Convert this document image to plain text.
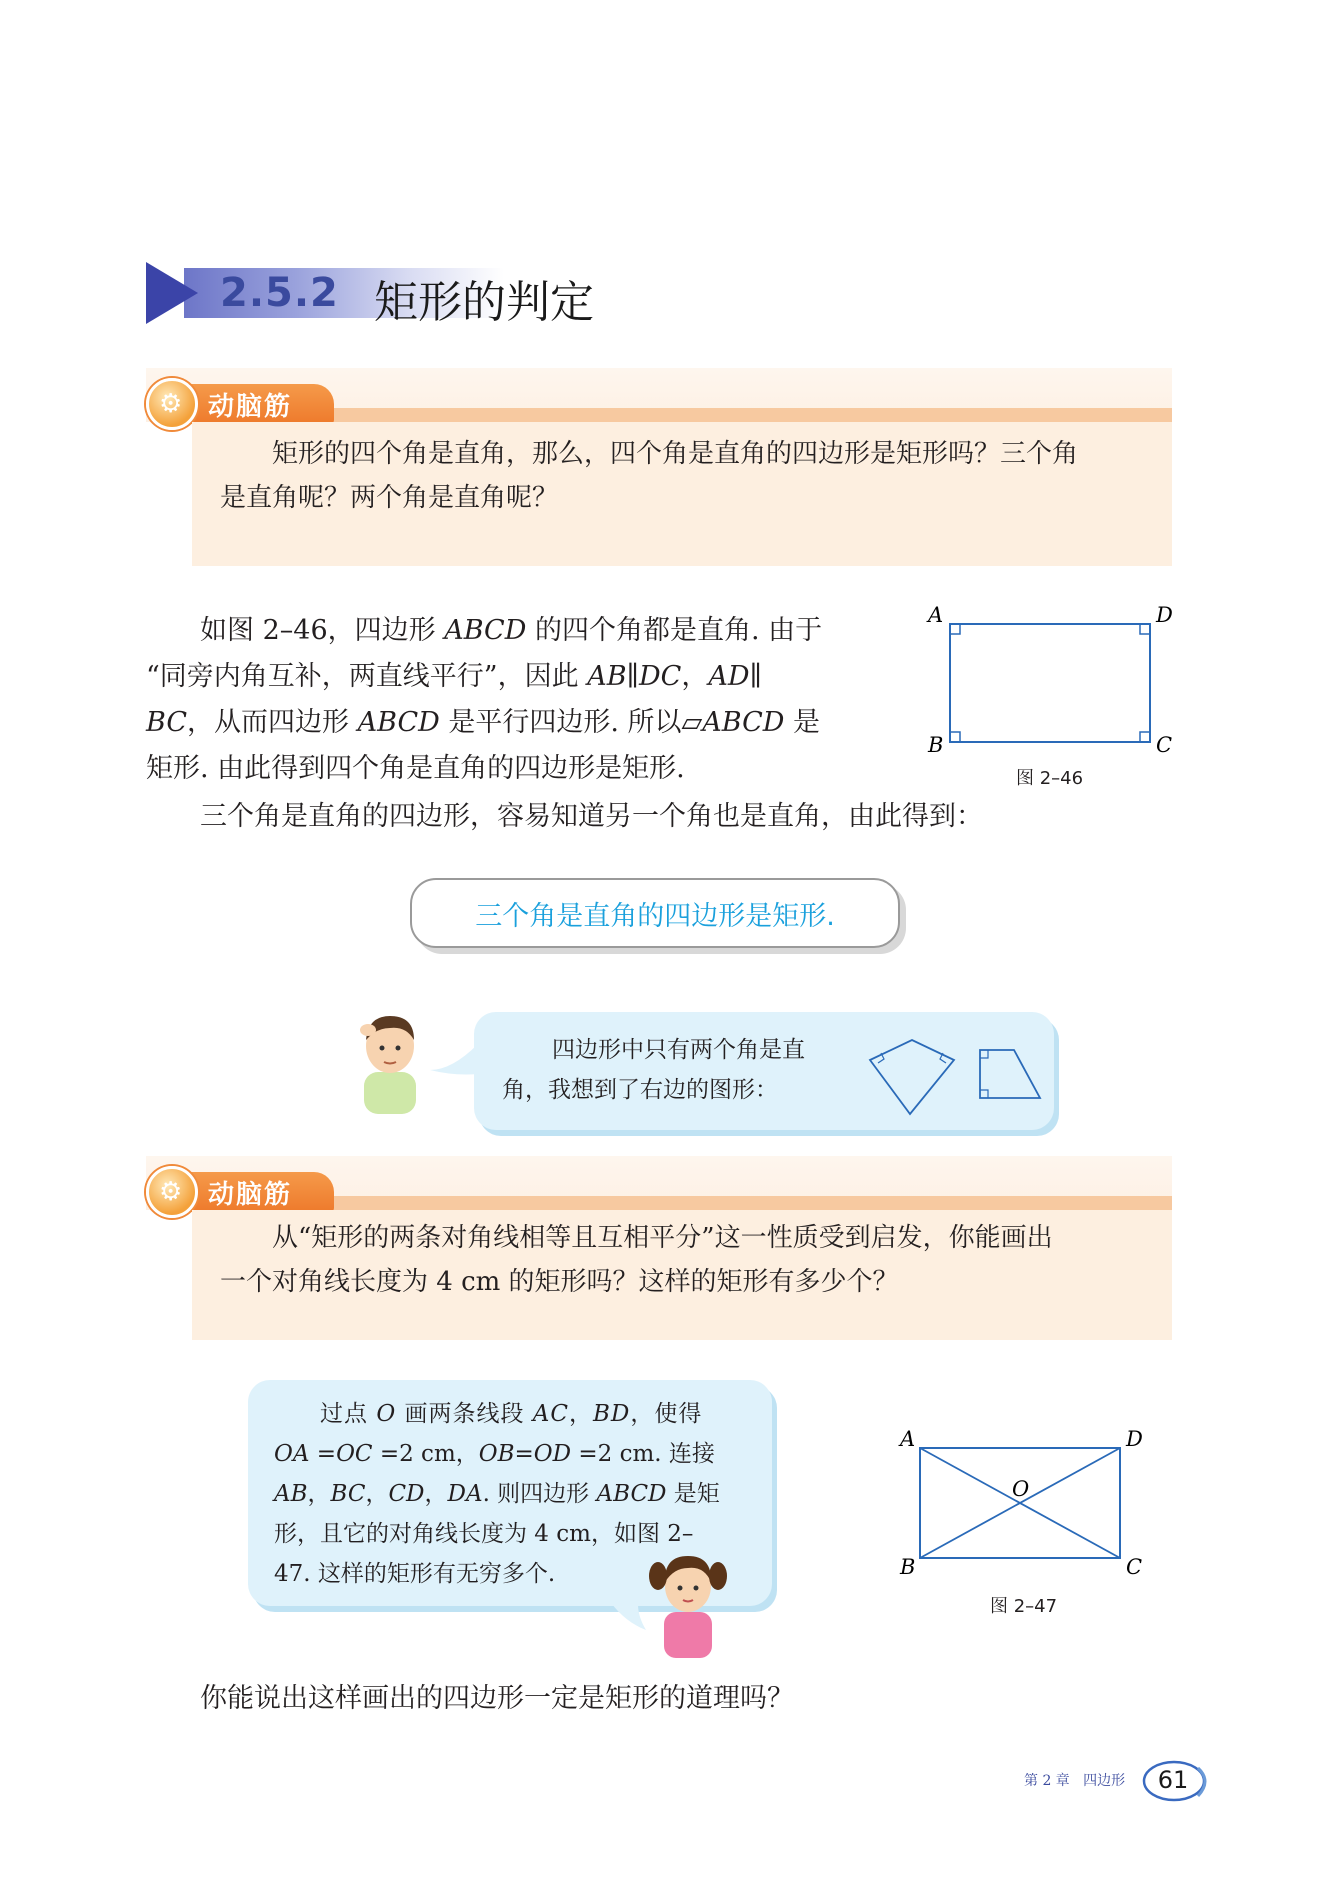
2.5.2 矩形的判定
⚙ 动脑筋

矩形的四个角是直角，那么，四个角是直角的四边形是矩形吗？三个角

是直角呢？两个角是直角呢？

如图 2–46，四边形 ABCD 的四个角都是直角. 由于
“同旁内角互补，两直线平行”，因此 AB∥DC，AD∥
BC，从而四边形 ABCD 是平行四边形. 所以▱ABCD 是
矩形. 由此得到四个角是直角的四边形是矩形.
三个角是直角的四边形，容易知道另一个角也是直角，由此得到：
A	D
B	C
图 2–46
三个角是直角的四边形是矩形.

四边形中只有两个角是直

角，我想到了右边的图形：

⚙ 动脑筋

从“矩形的两条对角线相等且互相平分”这一性质受到启发，你能画出

一个对角线长度为 4 cm 的矩形吗？这样的矩形有多少个？

过点 O 画两条线段 AC，BD，使得
OA =OC =2 cm，OB=OD =2 cm. 连接
AB，BC，CD，DA. 则四边形 ABCD 是矩
形，且它的对角线长度为 4 cm，如图 2–
47. 这样的矩形有无穷多个.
A	D
B	C
O
图 2–47
你能说出这样画出的四边形一定是矩形的道理吗？
第 2 章 四边形	61
